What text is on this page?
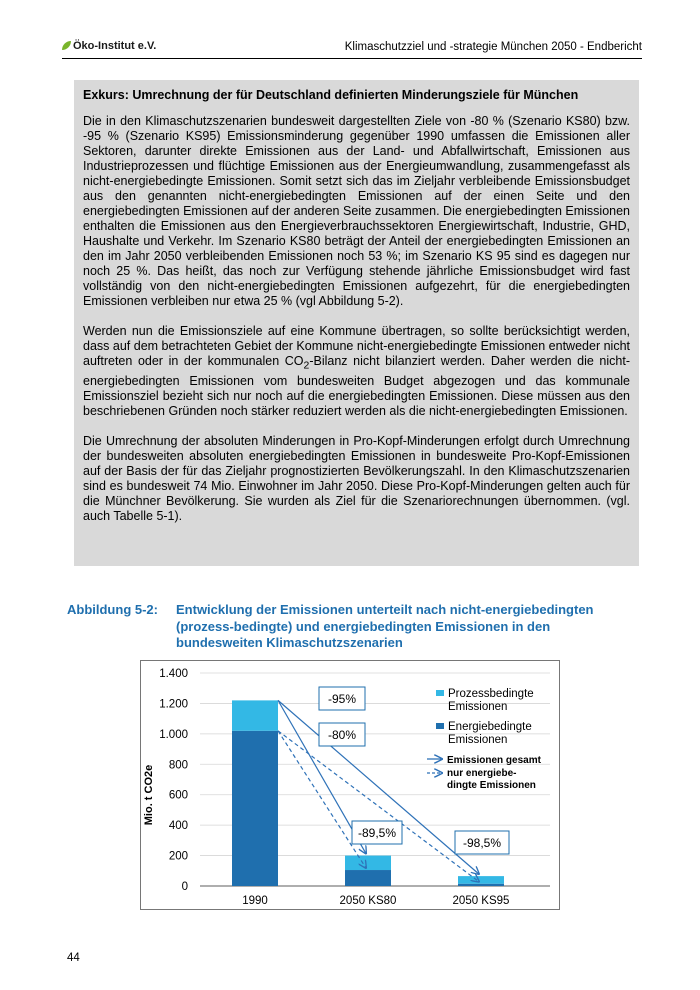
Öko-Institut e.V.	Klimaschutzziel und -strategie München 2050 - Endbericht
Exkurs: Umrechnung der für Deutschland definierten Minderungsziele für München

Die in den Klimaschutzszenarien bundesweit dargestellten Ziele von -80 % (Szenario KS80) bzw. -95 % (Szenario KS95) Emissionsminderung gegenüber 1990 umfassen die Emissionen aller Sektoren, darunter direkte Emissionen aus der Land- und Abfallwirtschaft, Emissionen aus Industrieprozessen und flüchtige Emissionen aus der Energieumwandlung, zusammengefasst als nicht-energiebedingte Emissionen. Somit setzt sich das im Zieljahr verbleibende Emissionsbudget aus den genannten nicht-energiebedingten Emissionen auf der einen Seite und den energiebedingten Emissionen auf der anderen Seite zusammen. Die energiebedingten Emissionen enthalten die Emissionen aus den Energieverbrauchssektoren Energiewirtschaft, Industrie, GHD, Haushalte und Verkehr. Im Szenario KS80 beträgt der Anteil der energiebedingten Emissionen an den im Jahr 2050 verbleibenden Emissionen noch 53 %; im Szenario KS 95 sind es dagegen nur noch 25 %. Das heißt, das noch zur Verfügung stehende jährliche Emissionsbudget wird fast vollständig von den nicht-energiebedingten Emissionen aufgezehrt, für die energiebedingten Emissionen verbleiben nur etwa 25 % (vgl Abbildung 5-2).

Werden nun die Emissionsziele auf eine Kommune übertragen, so sollte berücksichtigt werden, dass auf dem betrachteten Gebiet der Kommune nicht-energiebedingte Emissionen entweder nicht auftreten oder in der kommunalen $CO_2$-Bilanz nicht bilanziert werden. Daher werden die nicht-energiebedingten Emissionen vom bundesweiten Budget abgezogen und das kommunale Emissionsziel bezieht sich nur noch auf die energiebedingten Emissionen. Diese müssen aus den beschriebenen Gründen noch stärker reduziert werden als die nicht-energiebedingten Emissionen.

Die Umrechnung der absoluten Minderungen in Pro-Kopf-Minderungen erfolgt durch Umrechnung der bundesweiten absoluten energiebedingten Emissionen in bundesweite Pro-Kopf-Emissionen auf der Basis der für das Zieljahr prognostizierten Bevölkerungszahl. In den Klimaschutzszenarien sind es bundesweit 74 Mio. Einwohner im Jahr 2050. Diese Pro-Kopf-Minderungen gelten auch für die Münchner Bevölkerung. Sie wurden als Ziel für die Szenariorechnungen übernommen. (vgl. auch Tabelle 5-1).

Abbildung 5-2: Entwicklung der Emissionen unterteilt nach nicht-energiebedingten (prozess-bedingte) und energiebedingten Emissionen in den bundesweiten Klimaschutzszenarien
Mio. t CO2e
0
200
400
600
800
1.000
1.200
1.400
1990	2050 KS80	2050 KS95
-95%
-80%
-89,5%
-98,5%
Prozessbedingte Emissionen
Energiebedingte Emissionen
Emissionen gesamt
nur energiebe- dingte Emissionen
44
